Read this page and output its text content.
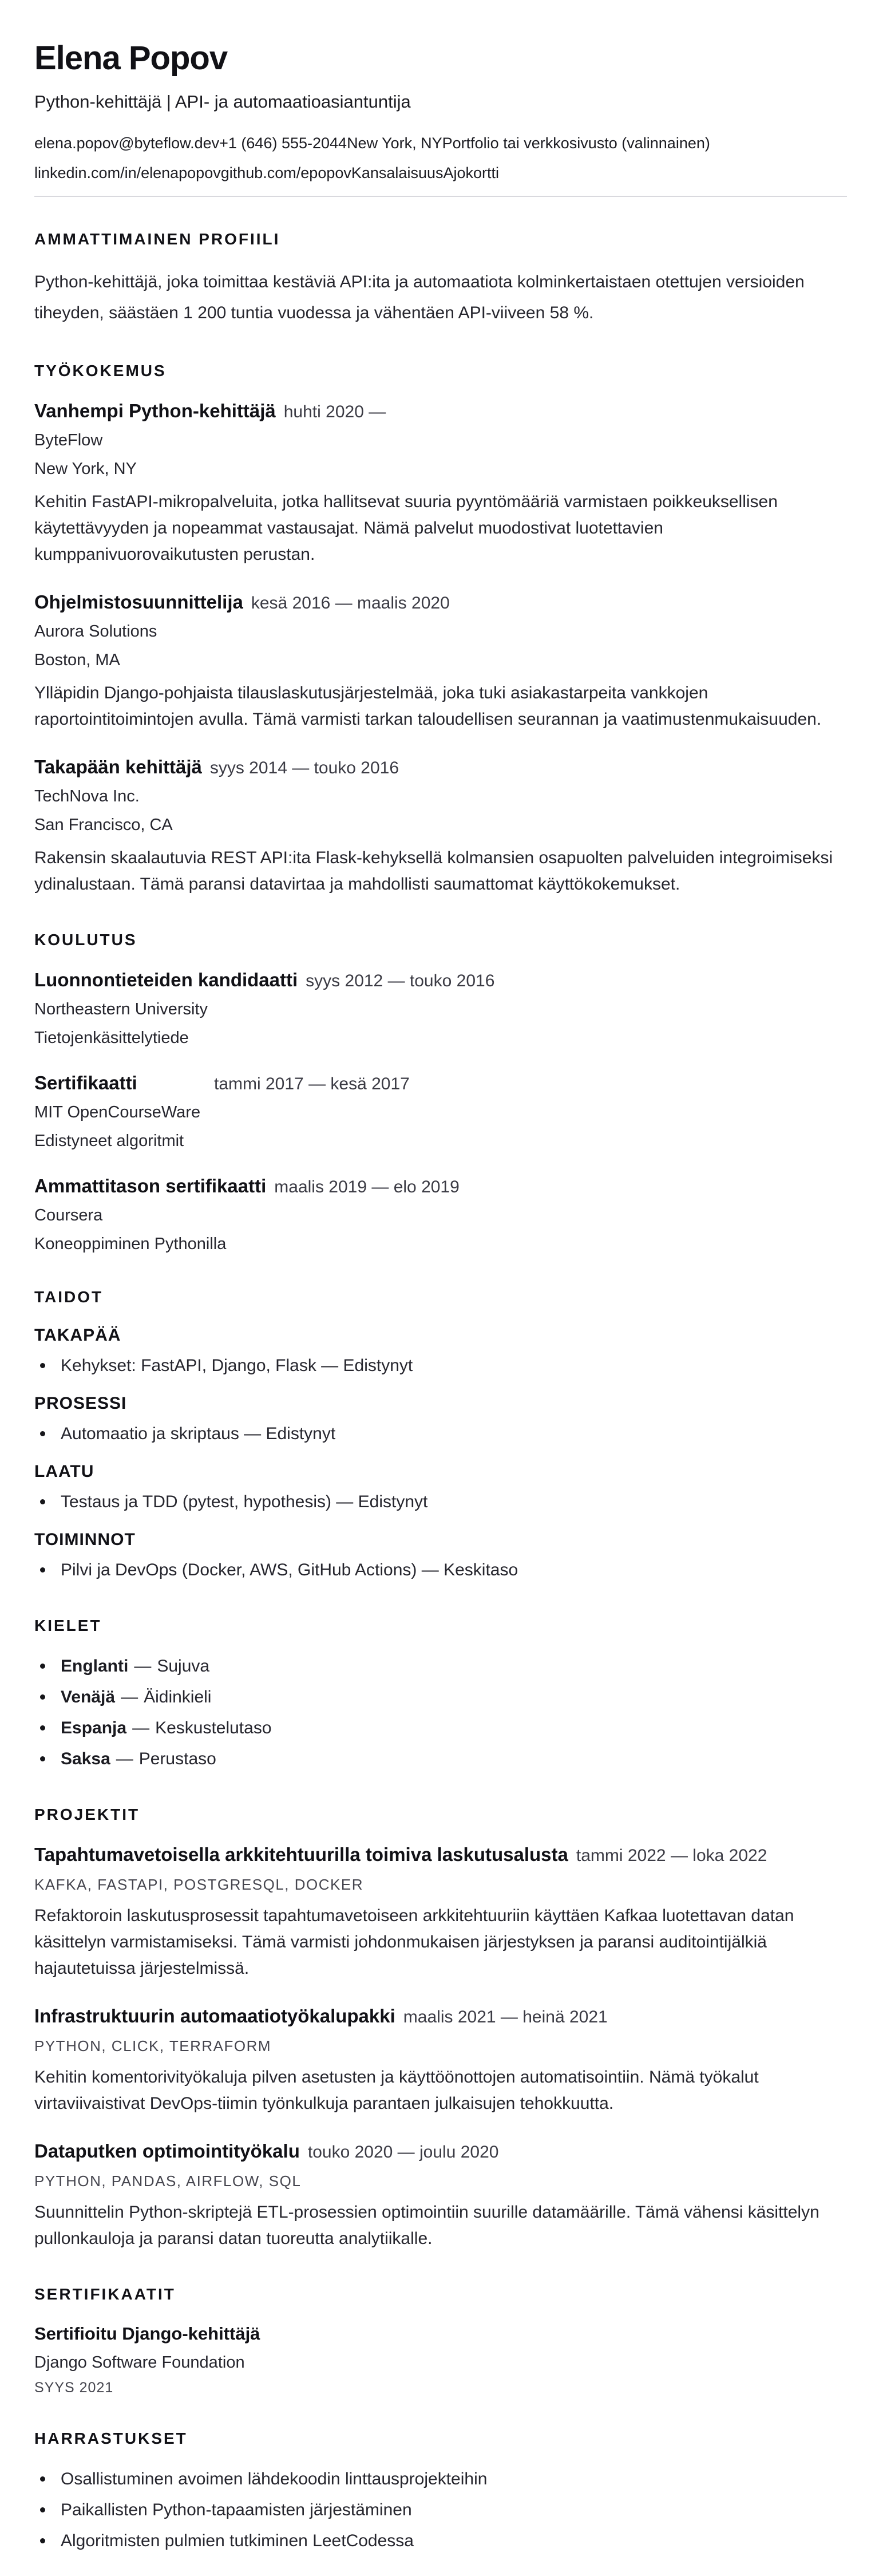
Elena Popov

Python-kehittäjä | API- ja automaatioasiantuntija

elena.popov@byteflow.dev+1 (646) 555-2044New York, NYPortfolio tai verkkosivusto (valinnainen)
linkedin.com/in/elenapopovgithub.com/epopovKansalaisuusAjokortti
AMMATTIMAINEN PROFIILI

Python-kehittäjä, joka toimittaa kestäviä API:ita ja automaatiota kolminkertaistaen otettujen versioiden tiheyden, säästäen 1 200 tuntia vuodessa ja vähentäen API-viiveen 58 %.

TYÖKOKEMUS
Vanhempi Python-kehittäjä huhti 2020 —

ByteFlow

New York, NY

Kehitin FastAPI-mikropalveluita, jotka hallitsevat suuria pyyntömääriä varmistaen poikkeuksellisen käytettävyyden ja nopeammat vastausajat. Nämä palvelut muodostivat luotettavien kumppanivuorovaikutusten perustan.

Ohjelmistosuunnittelija kesä 2016 — maalis 2020

Aurora Solutions

Boston, MA

Ylläpidin Django-pohjaista tilauslaskutusjärjestelmää, joka tuki asiakastarpeita vankkojen raportointitoimintojen avulla. Tämä varmisti tarkan taloudellisen seurannan ja vaatimustenmukaisuuden.

Takapään kehittäjä syys 2014 — touko 2016

TechNova Inc.

San Francisco, CA

Rakensin skaalautuvia REST API:ita Flask-kehyksellä kolmansien osapuolten palveluiden integroimiseksi ydinalustaan. Tämä paransi datavirtaa ja mahdollisti saumattomat käyttökokemukset.

KOULUTUS
Luonnontieteiden kandidaatti syys 2012 — touko 2016

Northeastern University

Tietojenkäsittelytiede

Sertifikaatti	tammi 2017 — kesä 2017

MIT OpenCourseWare

Edistyneet algoritmit

Ammattitason sertifikaatti maalis 2019 — elo 2019

Coursera

Koneoppiminen Pythonilla

TAIDOT
TAKAPÄÄ
Kehykset: FastAPI, Django, Flask — Edistynyt
PROSESSI
Automaatio ja skriptaus — Edistynyt
LAATU
Testaus ja TDD (pytest, hypothesis) — Edistynyt
TOIMINNOT
Pilvi ja DevOps (Docker, AWS, GitHub Actions) — Keskitaso
KIELET
Englanti — Sujuva
Venäjä — Äidinkieli
Espanja — Keskustelutaso
Saksa — Perustaso
PROJEKTIT
Tapahtumavetoisella arkkitehtuurilla toimiva laskutusalusta tammi 2022 — loka 2022

KAFKA, FASTAPI, POSTGRESQL, DOCKER

Refaktoroin laskutusprosessit tapahtumavetoiseen arkkitehtuuriin käyttäen Kafkaa luotettavan datan käsittelyn varmistamiseksi. Tämä varmisti johdonmukaisen järjestyksen ja paransi auditointijälkiä hajautetuissa järjestelmissä.

Infrastruktuurin automaatiotyökalupakki maalis 2021 — heinä 2021

PYTHON, CLICK, TERRAFORM

Kehitin komentorivityökaluja pilven asetusten ja käyttöönottojen automatisointiin. Nämä työkalut virtaviivaistivat DevOps-tiimin työnkulkuja parantaen julkaisujen tehokkuutta.

Dataputken optimointityökalu touko 2020 — joulu 2020

PYTHON, PANDAS, AIRFLOW, SQL

Suunnittelin Python-skriptejä ETL-prosessien optimointiin suurille datamäärille. Tämä vähensi käsittelyn pullonkauloja ja paransi datan tuoreutta analytiikalle.

SERTIFIKAATIT

Sertifioitu Django-kehittäjä

Django Software Foundation

SYYS 2021

HARRASTUKSET
Osallistuminen avoimen lähdekoodin linttausprojekteihin
Paikallisten Python-tapaamisten järjestäminen
Algoritmisten pulmien tutkiminen LeetCodessa
